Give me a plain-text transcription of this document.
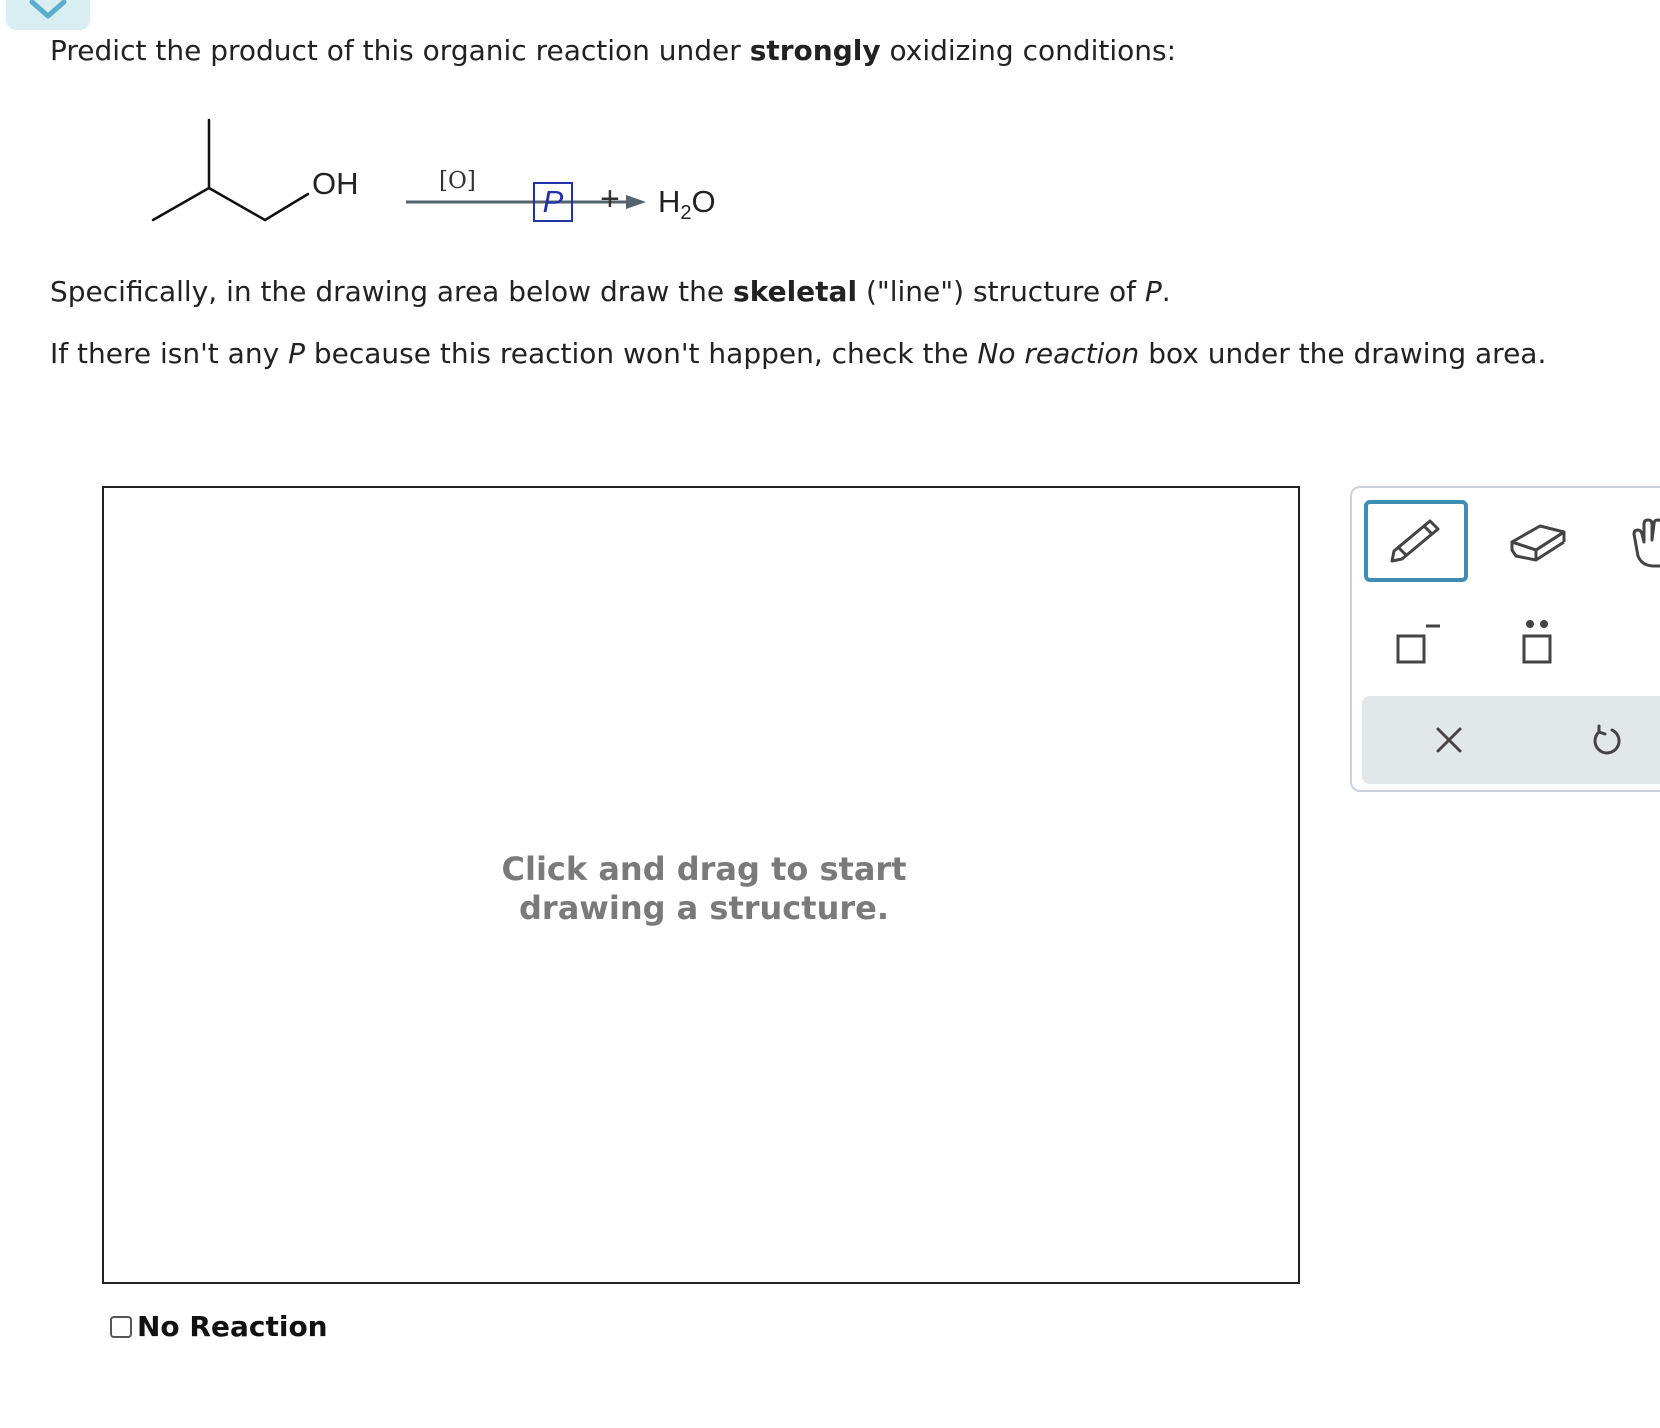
Predict the product of this organic reaction under strongly oxidizing conditions:

OH	[O]
$P + H_2O$

Specifically, in the drawing area below draw the skeletal ("line") structure of P.

If there isn't any P because this reaction won't happen, check the No reaction box under the drawing area.

Click and drag to start drawing a structure.
No Reaction
